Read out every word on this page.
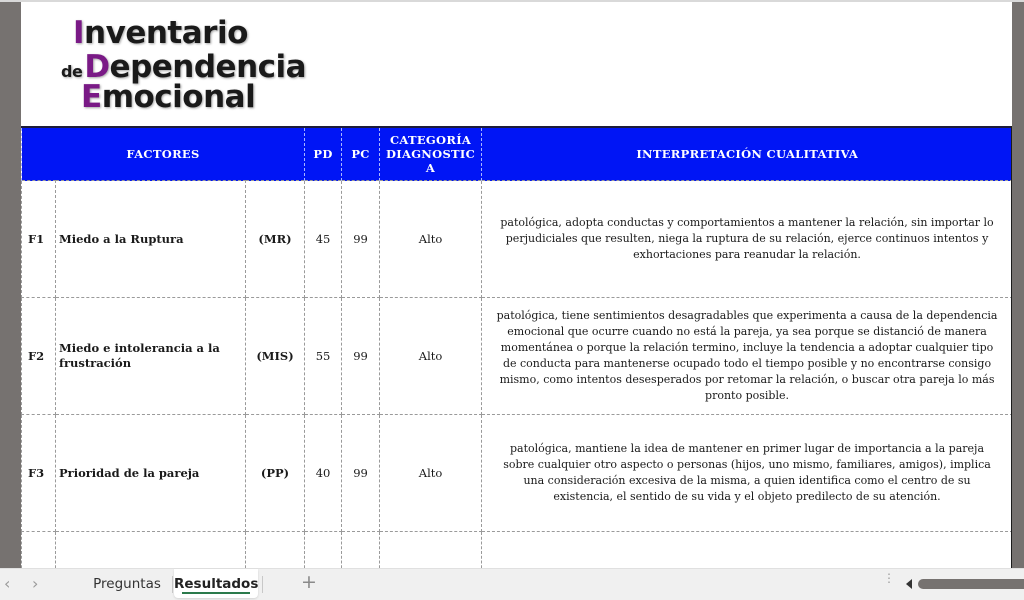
Inventario
deDependencia
Emocional
FACTORES			PD	PC	CATEGORÍA DIAGNOSTIC A	INTERPRETACIÓN CUALITATIVA
F1	Miedo a la Ruptura	(MR)	45	99	Alto	patológica, adopta conductas y comportamientos a mantener la relación, sin importar lo perjudiciales que resulten, niega la ruptura de su relación, ejerce continuos intentos y exhortaciones para reanudar la relación.
F2	Miedo e intolerancia a la frustración	(MIS)	55	99	Alto	patológica, tiene sentimientos desagradables que experimenta a causa de la dependencia emocional que ocurre cuando no está la pareja, ya sea porque se distanció de manera momentánea o porque la relación termino, incluye la tendencia a adoptar cualquier tipo de conducta para mantenerse ocupado todo el tiempo posible y no encontrarse consigo mismo, como intentos desesperados por retomar la relación, o buscar otra pareja lo más pronto posible.
F3	Prioridad de la pareja	(PP)	40	99	Alto	patológica, mantiene la idea de mantener en primer lugar de importancia a la pareja sobre cualquier otro aspecto o personas (hijos, uno mismo, familiares, amigos), implica una consideración excesiva de la misma, a quien identifica como el centro de su existencia, el sentido de su vida y el objeto predilecto de su atención.

‹ ›	Preguntas Resultados +	⋮
